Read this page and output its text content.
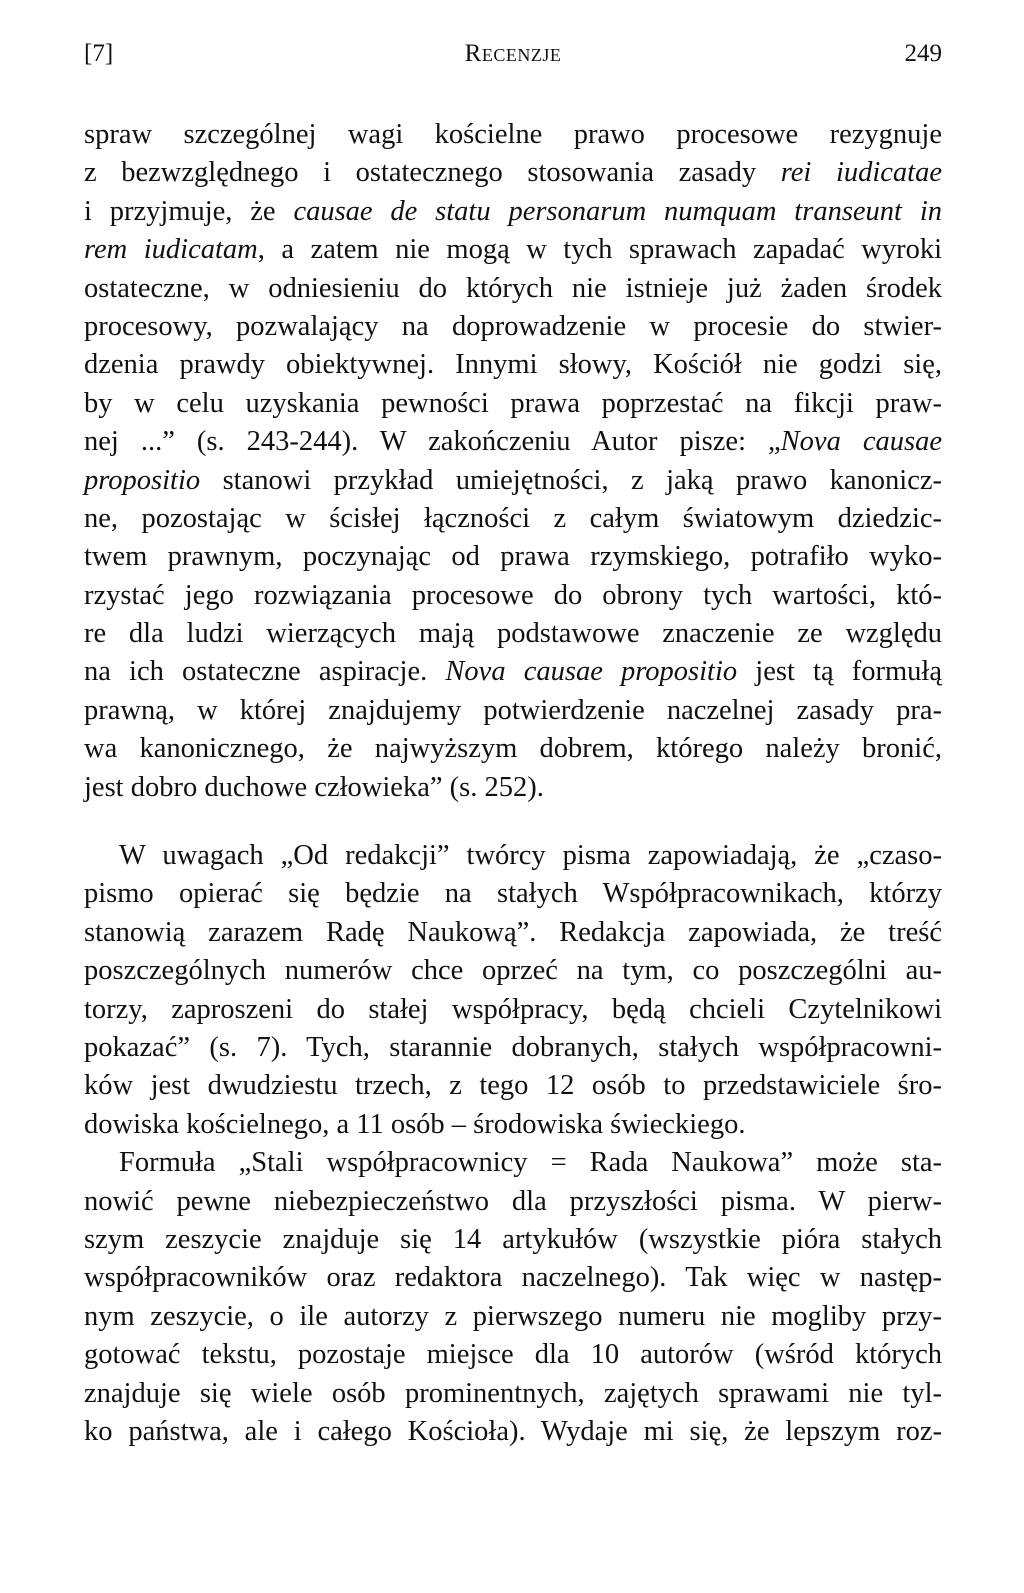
[7]	Recenzje	249
spraw szczególnej wagi kościelne prawo procesowe rezygnuje
z bezwzględnego i ostatecznego stosowania zasady rei iudicatae
i przyjmuje, że causae de statu personarum numquam transeunt in
rem iudicatam, a zatem nie mogą w tych sprawach zapadać wyroki
ostateczne, w odniesieniu do których nie istnieje już żaden środek
procesowy, pozwalający na doprowadzenie w procesie do stwier-
dzenia prawdy obiektywnej. Innymi słowy, Kościół nie godzi się,
by w celu uzyskania pewności prawa poprzestać na fikcji praw-
nej ...” (s. 243-244). W zakończeniu Autor pisze: „Nova causae
propositio stanowi przykład umiejętności, z jaką prawo kanonicz-
ne, pozostając w ścisłej łączności z całym światowym dziedzic-
twem prawnym, poczynając od prawa rzymskiego, potrafiło wyko-
rzystać jego rozwiązania procesowe do obrony tych wartości, któ-
re dla ludzi wierzących mają podstawowe znaczenie ze względu
na ich ostateczne aspiracje. Nova causae propositio jest tą formułą
prawną, w której znajdujemy potwierdzenie naczelnej zasady pra-
wa kanonicznego, że najwyższym dobrem, którego należy bronić,
jest dobro duchowe człowieka” (s. 252).
W uwagach „Od redakcji” twórcy pisma zapowiadają, że „czaso-
pismo opierać się będzie na stałych Współpracownikach, którzy
stanowią zarazem Radę Naukową”. Redakcja zapowiada, że treść
poszczególnych numerów chce oprzeć na tym, co poszczególni au-
torzy, zaproszeni do stałej współpracy, będą chcieli Czytelnikowi
pokazać” (s. 7). Tych, starannie dobranych, stałych współpracowni-
ków jest dwudziestu trzech, z tego 12 osób to przedstawiciele śro-
dowiska kościelnego, a 11 osób – środowiska świeckiego.
Formuła „Stali współpracownicy = Rada Naukowa” może sta-
nowić pewne niebezpieczeństwo dla przyszłości pisma. W pierw-
szym zeszycie znajduje się 14 artykułów (wszystkie pióra stałych
współpracowników oraz redaktora naczelnego). Tak więc w następ-
nym zeszycie, o ile autorzy z pierwszego numeru nie mogliby przy-
gotować tekstu, pozostaje miejsce dla 10 autorów (wśród których
znajduje się wiele osób prominentnych, zajętych sprawami nie tyl-
ko państwa, ale i całego Kościoła). Wydaje mi się, że lepszym roz-
